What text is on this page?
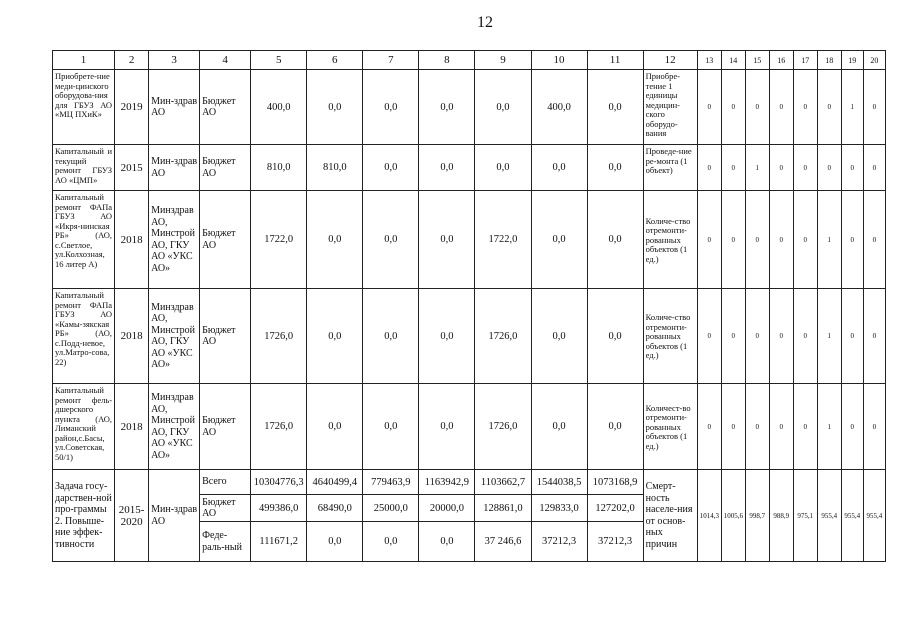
12
1	2	3	4	5	6	7	8	9	10	11	12	13	14	15	16	17	18	19	20
Приобрете-ние меди-цинского оборудова-ния для ГБУЗ АО «МЦ ПХиК»	2019	Мин-здрав АО	Бюджет АО	400,0	0,0	0,0	0,0	0,0	400,0	0,0	Приобре-тение 1 единицы медицин-ского оборудо-вания	0	0	0	0	0	0	1	0
Капитальный и текущий ремонт ГБУЗ АО «ЦМП»	2015	Мин-здрав АО	Бюджет АО	810,0	810,0	0,0	0,0	0,0	0,0	0,0	Проведе-ние ре-монта (1 объект)	0	0	1	0	0	0	0	0
Капитальный ремонт ФАПа ГБУЗ АО «Икря-нинская РБ» (АО, с.Светлое, ул.Колхозная, 16 литер А)	2018	Минздрав АО, Минстрой АО, ГКУ АО «УКС АО»	Бюджет АО	1722,0	0,0	0,0	0,0	1722,0	0,0	0,0	Количе-ство отремонти-рованных объектов (1 ед.)	0	0	0	0	0	1	0	0
Капитальный ремонт ФАПа ГБУЗ АО «Камы-зякская РБ» (АО, с.Подд-невое, ул.Матро-сова, 22)	2018	Минздрав АО, Минстрой АО, ГКУ АО «УКС АО»	Бюджет АО	1726,0	0,0	0,0	0,0	1726,0	0,0	0,0	Количе-ство отремонти-рованных объектов (1 ед.)	0	0	0	0	0	1	0	0
Капитальный ремонт фель-дшерского пункта (АО, Лиманский район,с.Басы, ул.Советская, 50/1)	2018	Минздрав АО, Минстрой АО, ГКУ АО «УКС АО»	Бюджет АО	1726,0	0,0	0,0	0,0	1726,0	0,0	0,0	Количест-во отремонти-рованных объектов (1 ед.)	0	0	0	0	0	1	0	0
Задача госу-дарствен-ной про-граммы 2. Повыше-ние эффек-тивности	2015-2020	Мин-здрав АО	Всего	10304776,3	4640499,4	779463,9	1163942,9	1103662,7	1544038,5	1073168,9	Смерт-ность населе-ния от основ-ных причин	1014,3	1005,6	998,7	988,9	975,1	955,4	955,4	955,4
			Бюджет АО	499386,0	68490,0	25000,0	20000,0	128861,0	129833,0	127202,0									
			Феде-раль-ный	111671,2	0,0	0,0	0,0	37 246,6	37212,3	37212,3									
